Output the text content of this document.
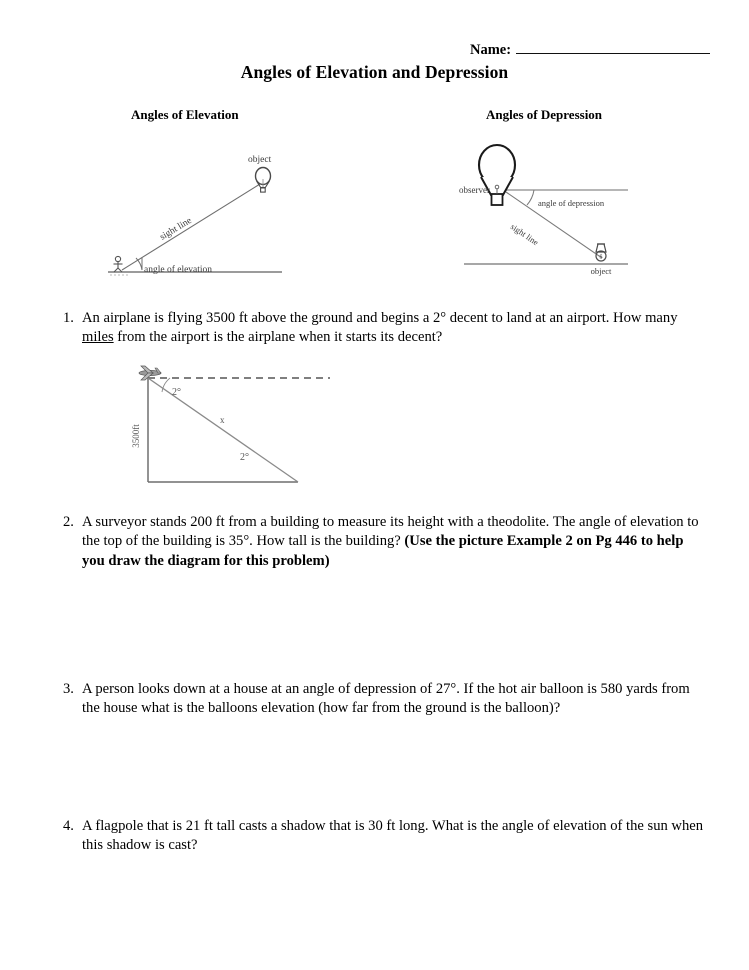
Name:
Angles of Elevation and Depression
Angles of Elevation	Angles of Depression
object
sight line
angle of elevation
$
observer
angle of depression
sight line
object
1. An airplane is flying 3500 ft above the ground and begins a 2° decent to land at an airport. How many miles from the airport is the airplane when it starts its decent?
2°
2°
x
3500ft
2. A surveyor stands 200 ft from a building to measure its height with a theodolite. The angle of elevation to the top of the building is 35°. How tall is the building? (Use the picture Example 2 on Pg 446 to help you draw the diagram for this problem)
3. A person looks down at a house at an angle of depression of 27°. If the hot air balloon is 580 yards from the house what is the balloons elevation (how far from the ground is the balloon)?
4. A flagpole that is 21 ft tall casts a shadow that is 30 ft long. What is the angle of elevation of the sun when this shadow is cast?
